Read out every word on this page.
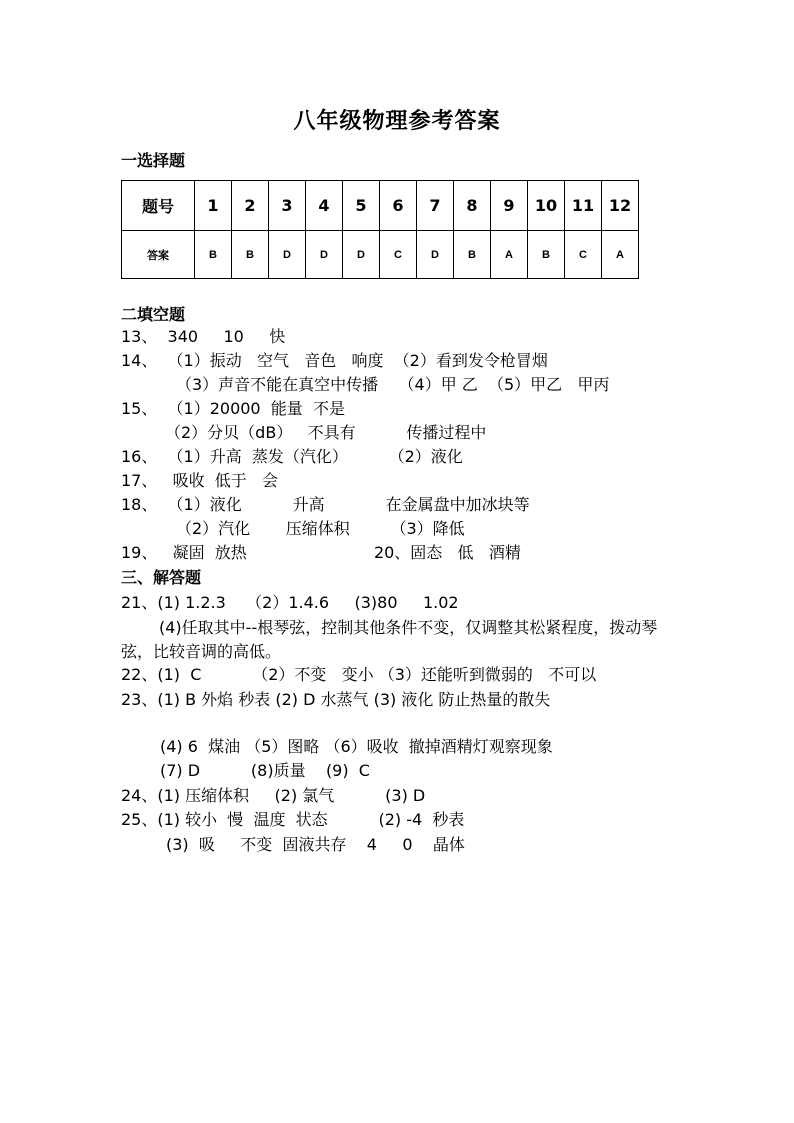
八年级物理参考答案
一选择题
题号	1	2	3	4	5	6	7	8	9	10	11	12
答案	B	B	D	D	D	C	D	B	A	B	C	A
二填空题
13、  340     10     快
14、  （1）振动   空气   音色   响度  （2）看到发令枪冒烟
（3）声音不能在真空中传播    （4）甲 乙  （5）甲乙   甲丙
15、  （1）20000  能量  不是
（2）分贝（dB）   不具有          传播过程中
16、  （1）升高  蒸发（汽化）        （2）液化
17、   吸收  低于   会
18、  （1）液化          升高            在金属盘中加冰块等
（2）汽化       压缩体积        （3）降低
19、   凝固  放热                         20、固态   低   酒精
三、解答题
21、(1) 1.2.3    （2）1.4.6     (3)80     1.02
(4)任取其中--根琴弦，控制其他条件不变，仅调整其松紧程度，拨动琴弦，比较音调的高低。
22、(1)  C          （2）不变   变小 （3）还能听到微弱的   不可以
23、(1) B 外焰 秒表 (2) D 水蒸气 (3) 液化 防止热量的散失
(4) 6  煤油 （5）图略 （6）吸收  撤掉酒精灯观察现象
(7) D          (8)质量    (9)  C
24、(1) 压缩体积     (2) 氯气          (3) D
25、(1) 较小  慢  温度  状态          (2) -4  秒表
(3)  吸     不变  固液共存    4     0    晶体
